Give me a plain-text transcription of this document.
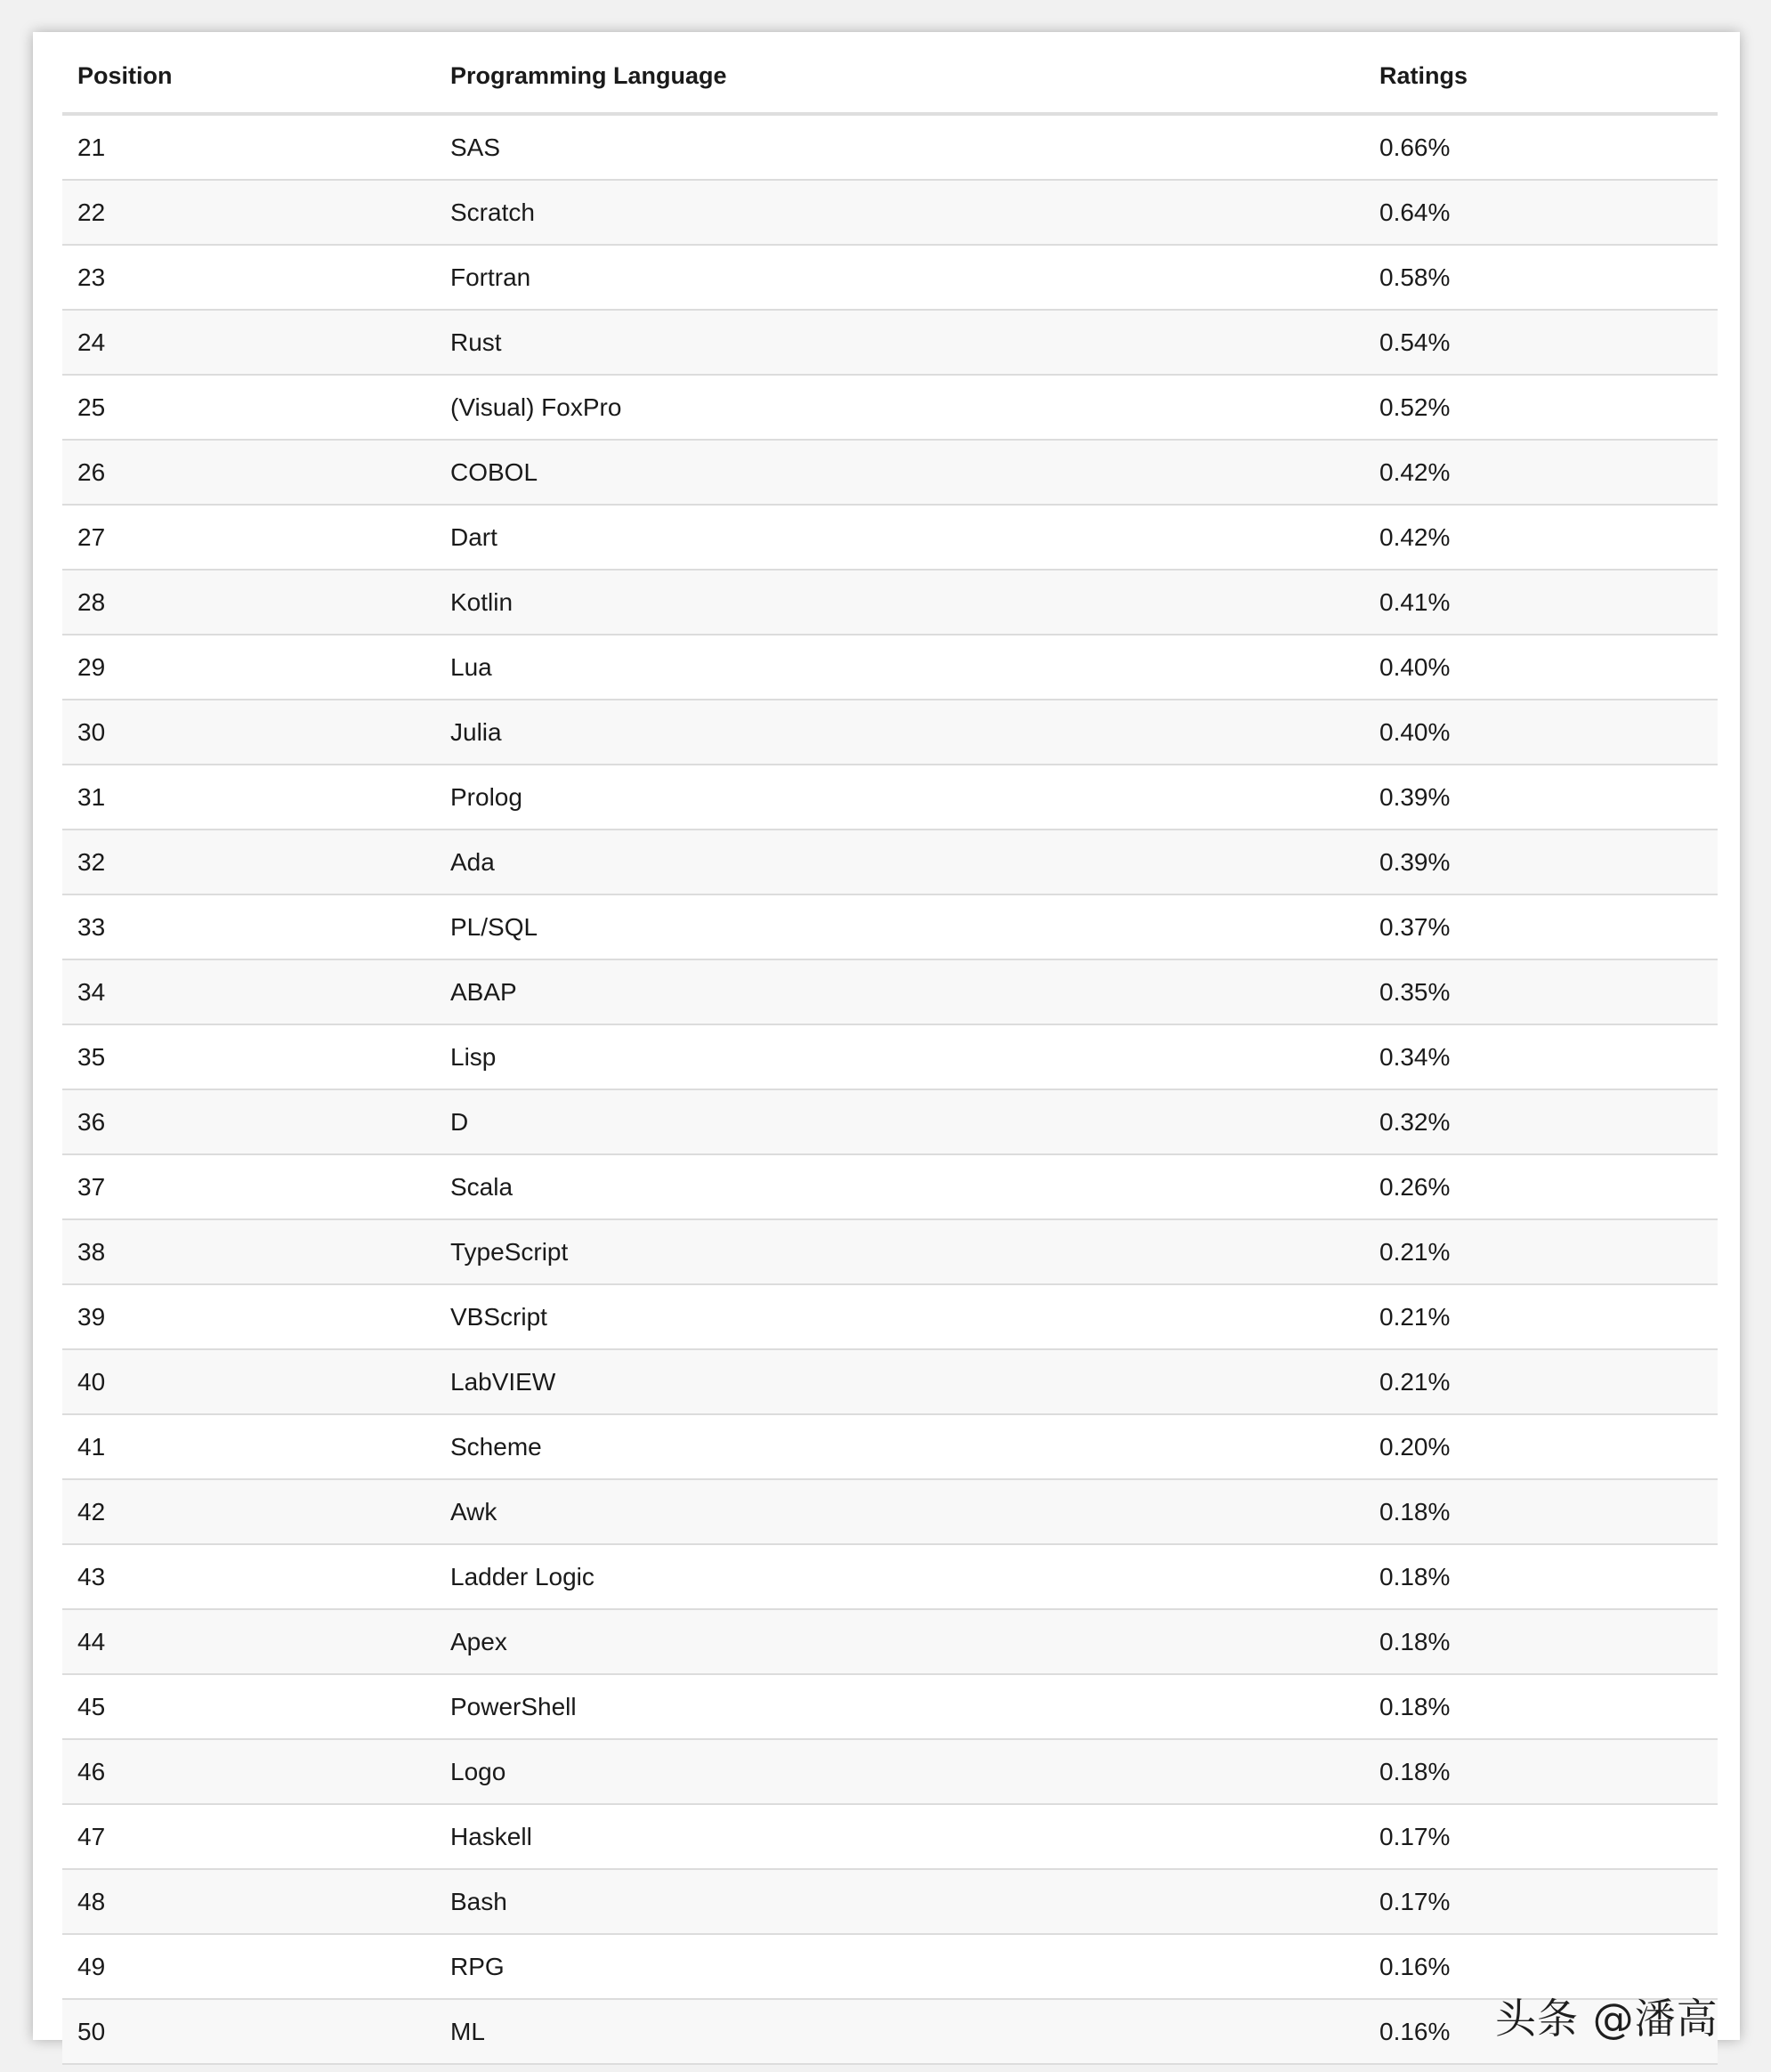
Position	Programming Language	Ratings
21	SAS	0.66%
22	Scratch	0.64%
23	Fortran	0.58%
24	Rust	0.54%
25	(Visual) FoxPro	0.52%
26	COBOL	0.42%
27	Dart	0.42%
28	Kotlin	0.41%
29	Lua	0.40%
30	Julia	0.40%
31	Prolog	0.39%
32	Ada	0.39%
33	PL/SQL	0.37%
34	ABAP	0.35%
35	Lisp	0.34%
36	D	0.32%
37	Scala	0.26%
38	TypeScript	0.21%
39	VBScript	0.21%
40	LabVIEW	0.21%
41	Scheme	0.20%
42	Awk	0.18%
43	Ladder Logic	0.18%
44	Apex	0.18%
45	PowerShell	0.18%
46	Logo	0.18%
47	Haskell	0.17%
48	Bash	0.17%
49	RPG	0.16%
50	ML	0.16% 头条 @潘高
